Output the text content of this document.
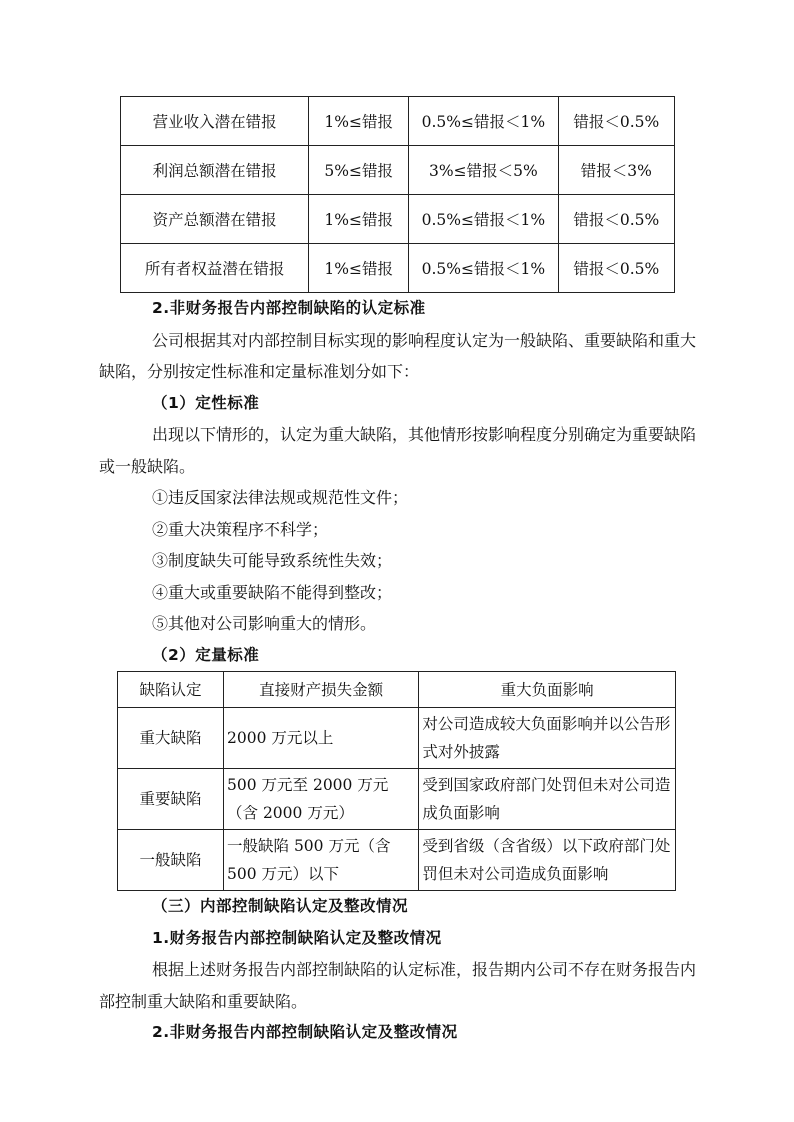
营业收入潜在错报	1%≤错报	0.5%≤错报＜1%	错报＜0.5%
利润总额潜在错报	5%≤错报	3%≤错报＜5%	错报＜3%
资产总额潜在错报	1%≤错报	0.5%≤错报＜1%	错报＜0.5%
所有者权益潜在错报	1%≤错报	0.5%≤错报＜1%	错报＜0.5%

2.非财务报告内部控制缺陷的认定标准

公司根据其对内部控制目标实现的影响程度认定为一般缺陷、重要缺陷和重大缺陷，分别按定性标准和定量标准划分如下：

（1）定性标准

出现以下情形的，认定为重大缺陷，其他情形按影响程度分别确定为重要缺陷或一般缺陷。

①违反国家法律法规或规范性文件；

②重大决策程序不科学；

③制度缺失可能导致系统性失效；

④重大或重要缺陷不能得到整改；

⑤其他对公司影响重大的情形。

（2）定量标准

缺陷认定	直接财产损失金额	重大负面影响
重大缺陷	2000 万元以上	对公司造成较大负面影响并以公告形式对外披露
重要缺陷	500 万元至 2000 万元（含 2000 万元）	受到国家政府部门处罚但未对公司造成负面影响
一般缺陷	一般缺陷 500 万元（含 500 万元）以下	受到省级（含省级）以下政府部门处罚但未对公司造成负面影响

（三）内部控制缺陷认定及整改情况

1.财务报告内部控制缺陷认定及整改情况

根据上述财务报告内部控制缺陷的认定标准，报告期内公司不存在财务报告内部控制重大缺陷和重要缺陷。

2.非财务报告内部控制缺陷认定及整改情况
